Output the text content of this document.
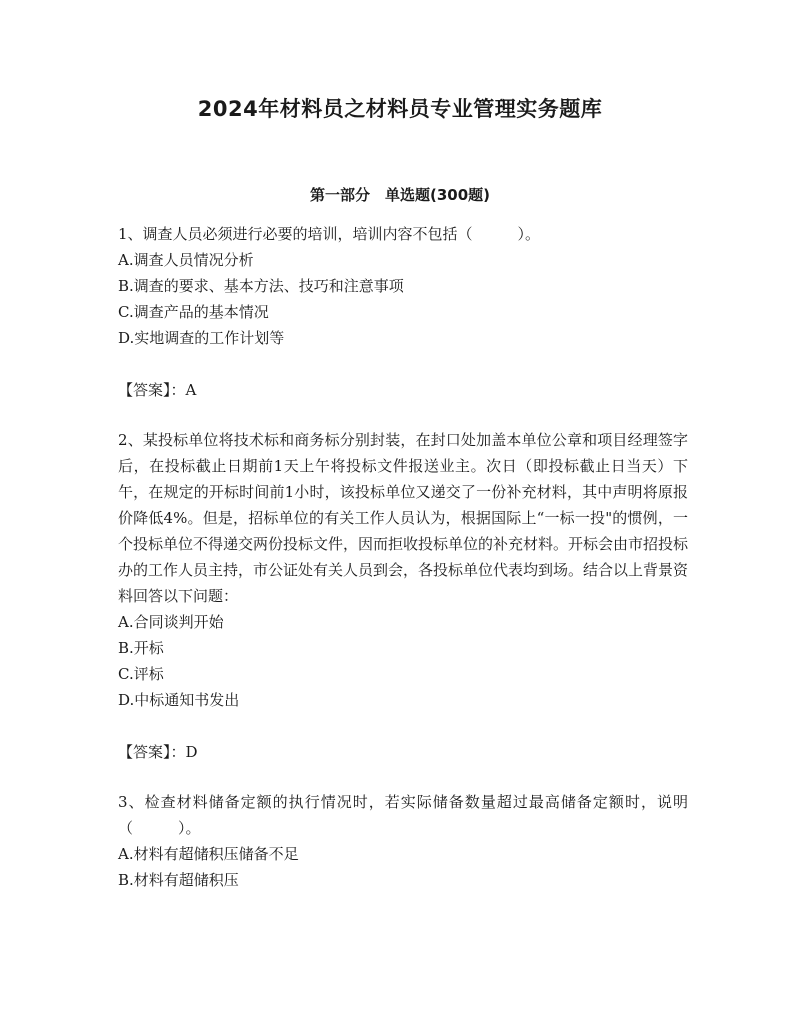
2024年材料员之材料员专业管理实务题库
第一部分　单选题(300题)

1、调查人员必须进行必要的培训，培训内容不包括（　　　）。

A.调查人员情况分析

B.调查的要求、基本方法、技巧和注意事项

C.调查产品的基本情况

D.实地调查的工作计划等

【答案】：A

2、某投标单位将技术标和商务标分别封装，在封口处加盖本单位公章和项目经理签字后，在投标截止日期前1天上午将投标文件报送业主。次日（即投标截止日当天）下午，在规定的开标时间前1小时，该投标单位又递交了一份补充材料，其中声明将原报价降低4%。但是，招标单位的有关工作人员认为，根据国际上“一标一投"的惯例，一个投标单位不得递交两份投标文件，因而拒收投标单位的补充材料。开标会由市招投标办的工作人员主持，市公证处有关人员到会，各投标单位代表均到场。结合以上背景资料回答以下问题：

A.合同谈判开始

B.开标

C.评标

D.中标通知书发出

【答案】：D

3、检查材料储备定额的执行情况时，若实际储备数量超过最高储备定额时，说明（　　　）。

A.材料有超储积压储备不足

B.材料有超储积压
